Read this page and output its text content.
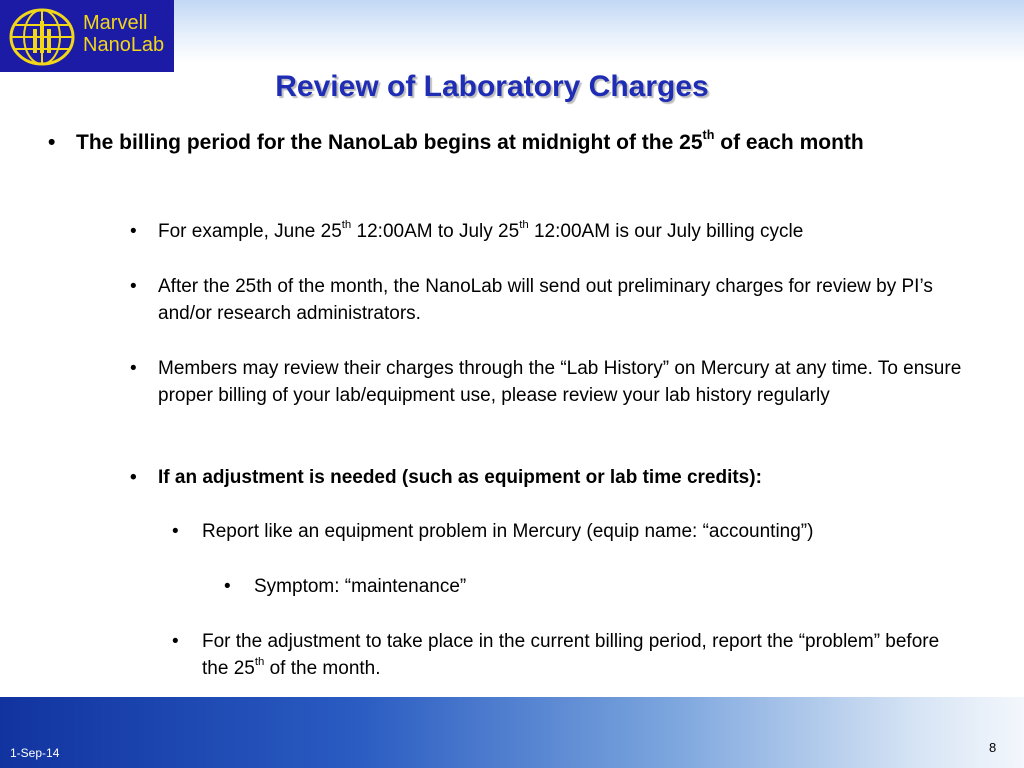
Marvell
NanoLab
Review of Laboratory Charges
• The billing period for the NanoLab begins at midnight of the 25th of each month
• For example, June 25th 12:00AM to July 25th 12:00AM is our July billing cycle
• After the 25th of the month, the NanoLab will send out preliminary charges for review by PI’s and/or research administrators.
• Members may review their charges through the “Lab History” on Mercury at any time. To ensure proper billing of your lab/equipment use, please review your lab history regularly
• If an adjustment is needed (such as equipment or lab time credits):
• Report like an equipment problem in Mercury (equip name: “accounting”)
• Symptom: “maintenance”
• For the adjustment to take place in the current billing period, report the “problem” before the 25th of the month.
1-Sep-14	8
